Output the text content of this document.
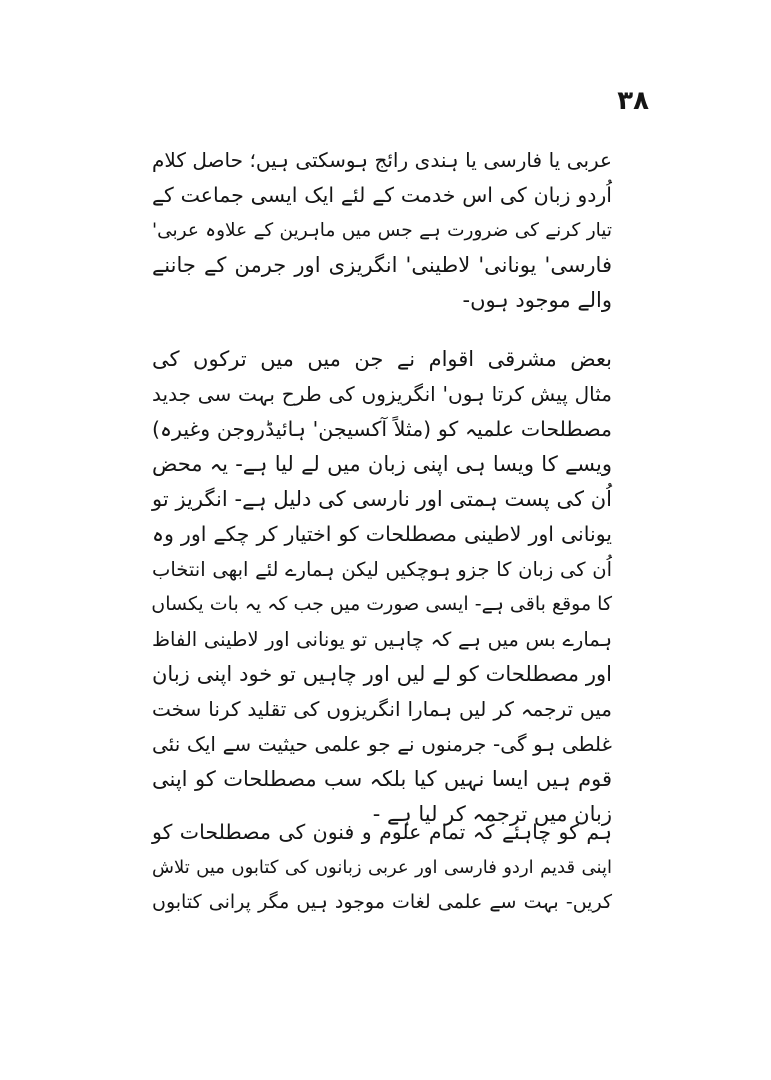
۳۸
عربی یا فارسی یا ہندی رائج ہوسکتی ہیں؛ حاصل کلام
اُردو زبان کی اس خدمت کے لئے ایک ایسی جماعت کے
تیار کرنے کی ضرورت ہے جس میں ماہرین کے علاوہ عربی'
فارسی' یونانی' لاطینی' انگریزی اور جرمن کے جاننے
والے موجود ہوں-
بعض مشرقی اقوام نے جن میں میں ترکوں کی
مثال پیش کرتا ہوں' انگریزوں کی طرح بہت سی جدید
مصطلحات علمیہ کو (مثلاً آکسیجن' ہائیڈروجن وغیرہ)
ویسے کا ویسا ہی اپنی زبان میں لے لیا ہے- یہ محض
اُن کی پست ہمتی اور نارسی کی دلیل ہے- انگریز تو
یونانی اور لاطینی مصطلحات کو اختیار کر چکے اور وہ
اُن کی زبان کا جزو ہوچکیں لیکن ہمارے لئے ابھی انتخاب
کا موقع باقی ہے- ایسی صورت میں جب کہ یہ بات یکساں
ہمارے بس میں ہے کہ چاہیں تو یونانی اور لاطینی الفاظ
اور مصطلحات کو لے لیں اور چاہیں تو خود اپنی زبان
میں ترجمہ کر لیں ہمارا انگریزوں کی تقلید کرنا سخت
غلطی ہو گی- جرمنوں نے جو علمی حیثیت سے ایک نئی
قوم ہیں ایسا نہیں کیا بلکہ سب مصطلحات کو اپنی
زبان میں ترجمہ کر لیا ہے -
ہم کو چاہئے کہ تمام علوم و فنون کی مصطلحات کو
اپنی قدیم اردو فارسی اور عربی زبانوں کی کتابوں میں تلاش
کریں- بہت سے علمی لغات موجود ہیں مگر پرانی کتابوں
